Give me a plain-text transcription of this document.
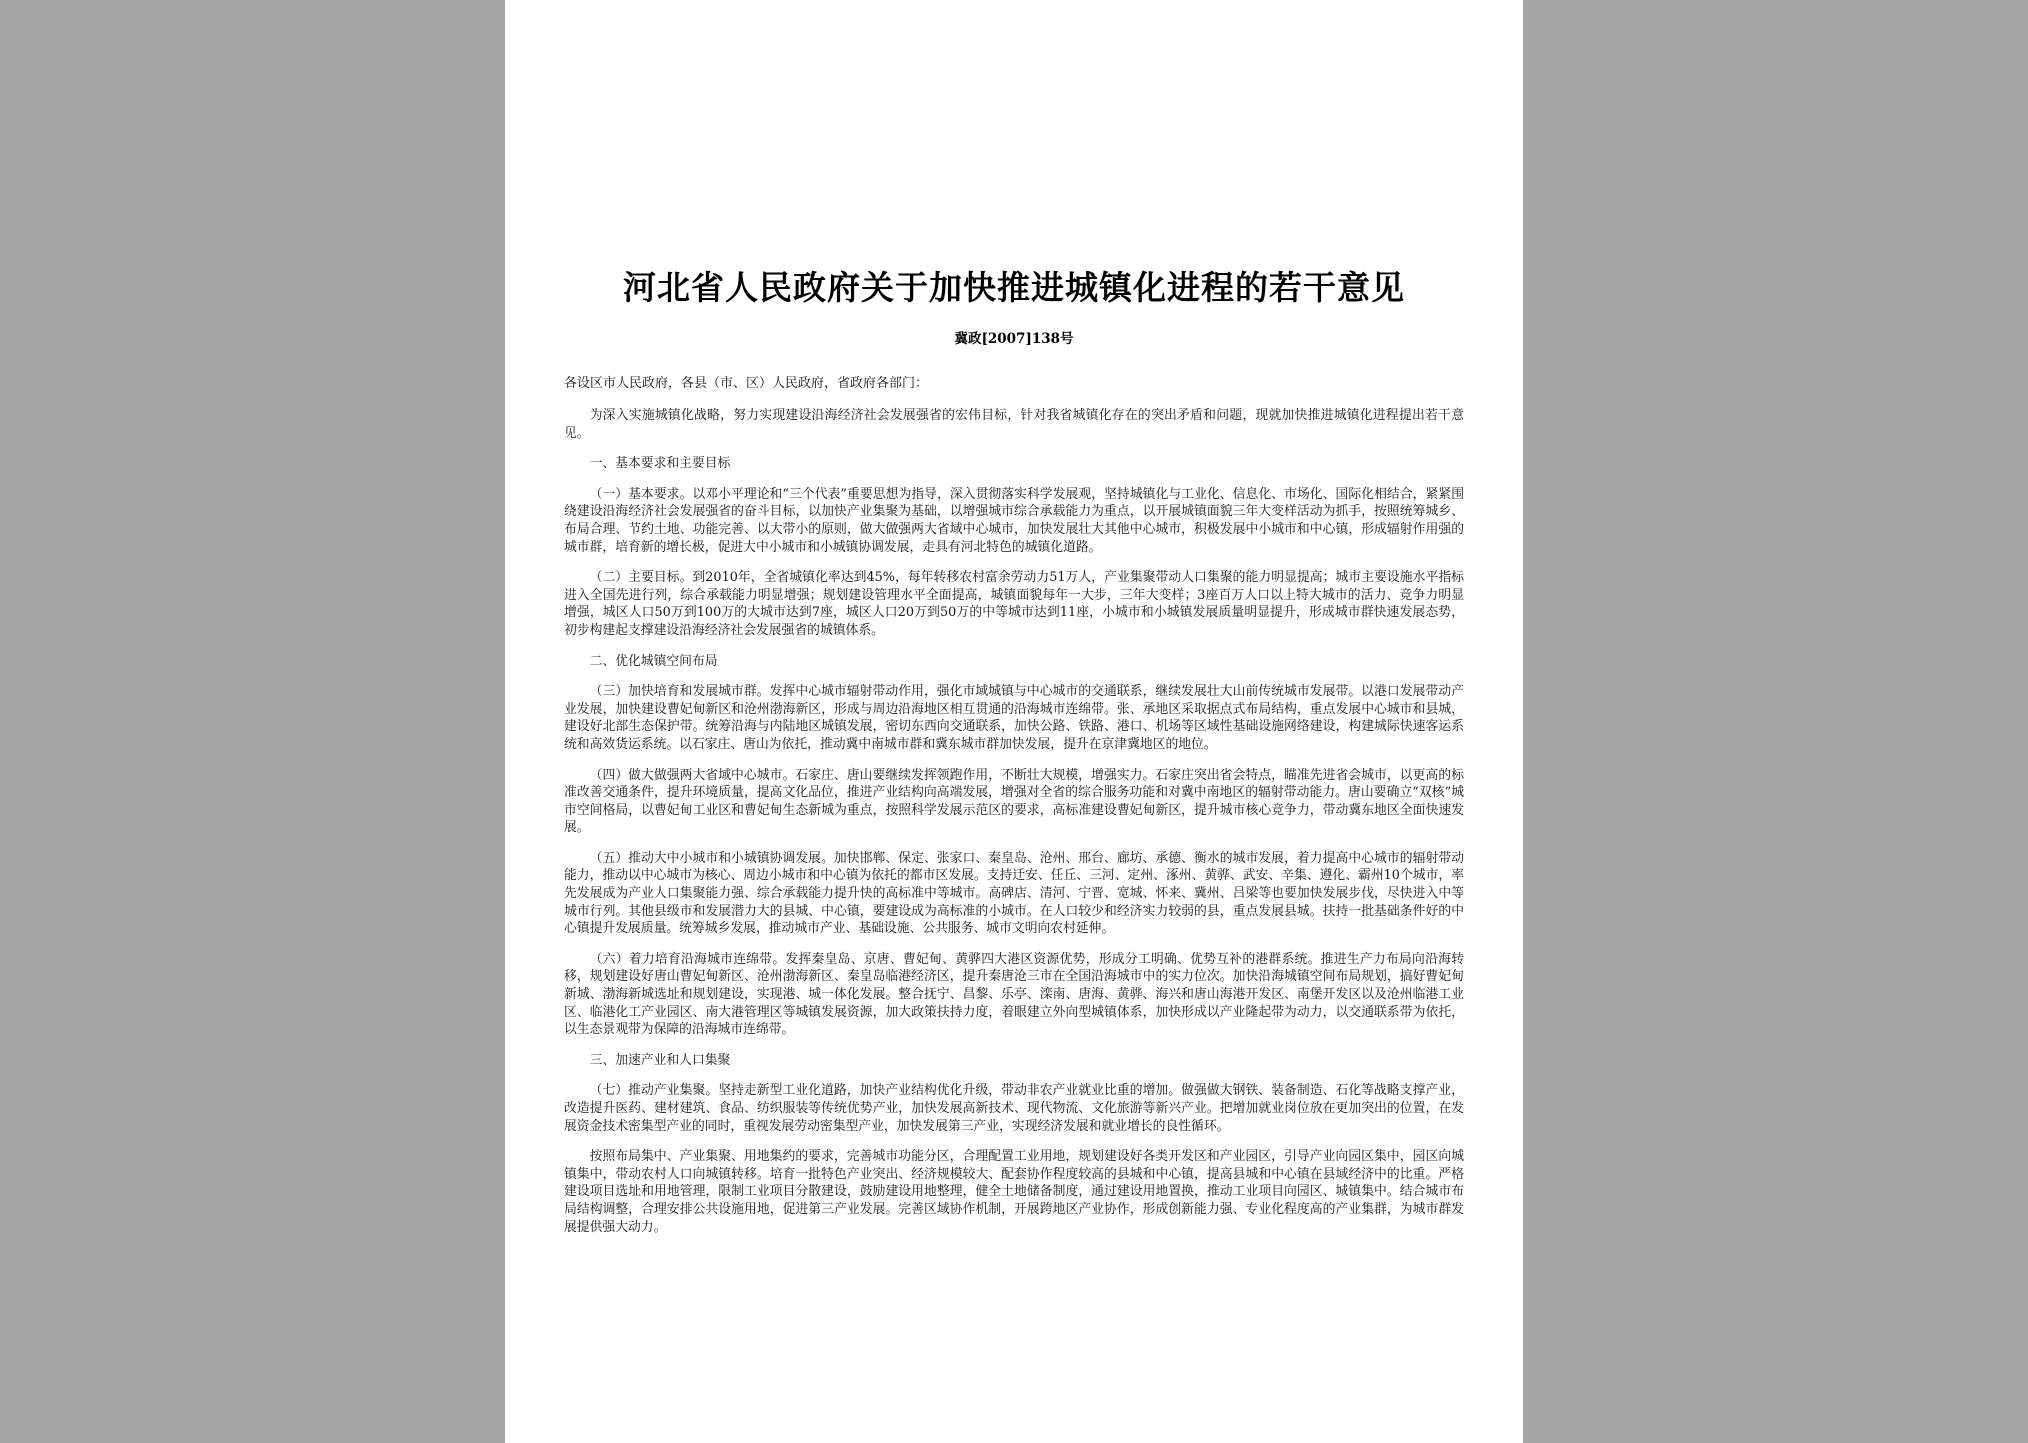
河北省人民政府关于加快推进城镇化进程的若干意见
冀政[2007]138号
各设区市人民政府，各县（市、区）人民政府，省政府各部门：

为深入实施城镇化战略，努力实现建设沿海经济社会发展强省的宏伟目标，针对我省城镇化存在的突出矛盾和问题，现就加快推进城镇化进程提出若干意见。

一、基本要求和主要目标

（一）基本要求。以邓小平理论和“三个代表”重要思想为指导，深入贯彻落实科学发展观，坚持城镇化与工业化、信息化、市场化、国际化相结合，紧紧围绕建设沿海经济社会发展强省的奋斗目标，以加快产业集聚为基础，以增强城市综合承载能力为重点，以开展城镇面貌三年大变样活动为抓手，按照统筹城乡、布局合理、节约土地、功能完善、以大带小的原则，做大做强两大省域中心城市，加快发展壮大其他中心城市，积极发展中小城市和中心镇，形成辐射作用强的城市群，培育新的增长极，促进大中小城市和小城镇协调发展，走具有河北特色的城镇化道路。

（二）主要目标。到2010年，全省城镇化率达到45%，每年转移农村富余劳动力51万人，产业集聚带动人口集聚的能力明显提高；城市主要设施水平指标进入全国先进行列，综合承载能力明显增强；规划建设管理水平全面提高，城镇面貌每年一大步，三年大变样；3座百万人口以上特大城市的活力、竞争力明显增强，城区人口50万到100万的大城市达到7座，城区人口20万到50万的中等城市达到11座，小城市和小城镇发展质量明显提升，形成城市群快速发展态势，初步构建起支撑建设沿海经济社会发展强省的城镇体系。

二、优化城镇空间布局

（三）加快培育和发展城市群。发挥中心城市辐射带动作用，强化市域城镇与中心城市的交通联系，继续发展壮大山前传统城市发展带。以港口发展带动产业发展，加快建设曹妃甸新区和沧州渤海新区，形成与周边沿海地区相互贯通的沿海城市连绵带。张、承地区采取据点式布局结构，重点发展中心城市和县城，建设好北部生态保护带。统筹沿海与内陆地区城镇发展，密切东西向交通联系，加快公路、铁路、港口、机场等区域性基础设施网络建设，构建城际快速客运系统和高效货运系统。以石家庄、唐山为依托，推动冀中南城市群和冀东城市群加快发展，提升在京津冀地区的地位。

（四）做大做强两大省域中心城市。石家庄、唐山要继续发挥领跑作用，不断壮大规模，增强实力。石家庄突出省会特点，瞄准先进省会城市，以更高的标准改善交通条件，提升环境质量，提高文化品位，推进产业结构向高端发展，增强对全省的综合服务功能和对冀中南地区的辐射带动能力。唐山要确立“双核”城市空间格局，以曹妃甸工业区和曹妃甸生态新城为重点，按照科学发展示范区的要求，高标准建设曹妃甸新区，提升城市核心竞争力，带动冀东地区全面快速发展。

（五）推动大中小城市和小城镇协调发展。加快邯郸、保定、张家口、秦皇岛、沧州、邢台、廊坊、承德、衡水的城市发展，着力提高中心城市的辐射带动能力，推动以中心城市为核心、周边小城市和中心镇为依托的都市区发展。支持迁安、任丘、三河、定州、涿州、黄骅、武安、辛集、遵化、霸州10个城市，率先发展成为产业人口集聚能力强、综合承载能力提升快的高标准中等城市。高碑店、清河、宁晋、宽城、怀来、冀州、吕梁等也要加快发展步伐，尽快进入中等城市行列。其他县级市和发展潜力大的县城、中心镇，要建设成为高标准的小城市。在人口较少和经济实力较弱的县，重点发展县城。扶持一批基础条件好的中心镇提升发展质量。统筹城乡发展，推动城市产业、基础设施、公共服务、城市文明向农村延伸。

（六）着力培育沿海城市连绵带。发挥秦皇岛、京唐、曹妃甸、黄骅四大港区资源优势，形成分工明确、优势互补的港群系统。推进生产力布局向沿海转移，规划建设好唐山曹妃甸新区、沧州渤海新区、秦皇岛临港经济区，提升秦唐沧三市在全国沿海城市中的实力位次。加快沿海城镇空间布局规划，搞好曹妃甸新城、渤海新城选址和规划建设，实现港、城一体化发展。整合抚宁、昌黎、乐亭、滦南、唐海、黄骅、海兴和唐山海港开发区、南堡开发区以及沧州临港工业区、临港化工产业园区、南大港管理区等城镇发展资源，加大政策扶持力度，着眼建立外向型城镇体系，加快形成以产业隆起带为动力，以交通联系带为依托，以生态景观带为保障的沿海城市连绵带。

三、加速产业和人口集聚

（七）推动产业集聚。坚持走新型工业化道路，加快产业结构优化升级，带动非农产业就业比重的增加。做强做大钢铁、装备制造、石化等战略支撑产业，改造提升医药、建材建筑、食品、纺织服装等传统优势产业，加快发展高新技术、现代物流、文化旅游等新兴产业。把增加就业岗位放在更加突出的位置，在发展资金技术密集型产业的同时，重视发展劳动密集型产业，加快发展第三产业，实现经济发展和就业增长的良性循环。

按照布局集中、产业集聚、用地集约的要求，完善城市功能分区，合理配置工业用地，规划建设好各类开发区和产业园区，引导产业向园区集中，园区向城镇集中，带动农村人口向城镇转移。培育一批特色产业突出、经济规模较大、配套协作程度较高的县城和中心镇，提高县城和中心镇在县域经济中的比重。严格建设项目选址和用地管理，限制工业项目分散建设，鼓励建设用地整理，健全土地储备制度，通过建设用地置换，推动工业项目向园区、城镇集中。结合城市布局结构调整，合理安排公共设施用地，促进第三产业发展。完善区域协作机制，开展跨地区产业协作，形成创新能力强、专业化程度高的产业集群，为城市群发展提供强大动力。
